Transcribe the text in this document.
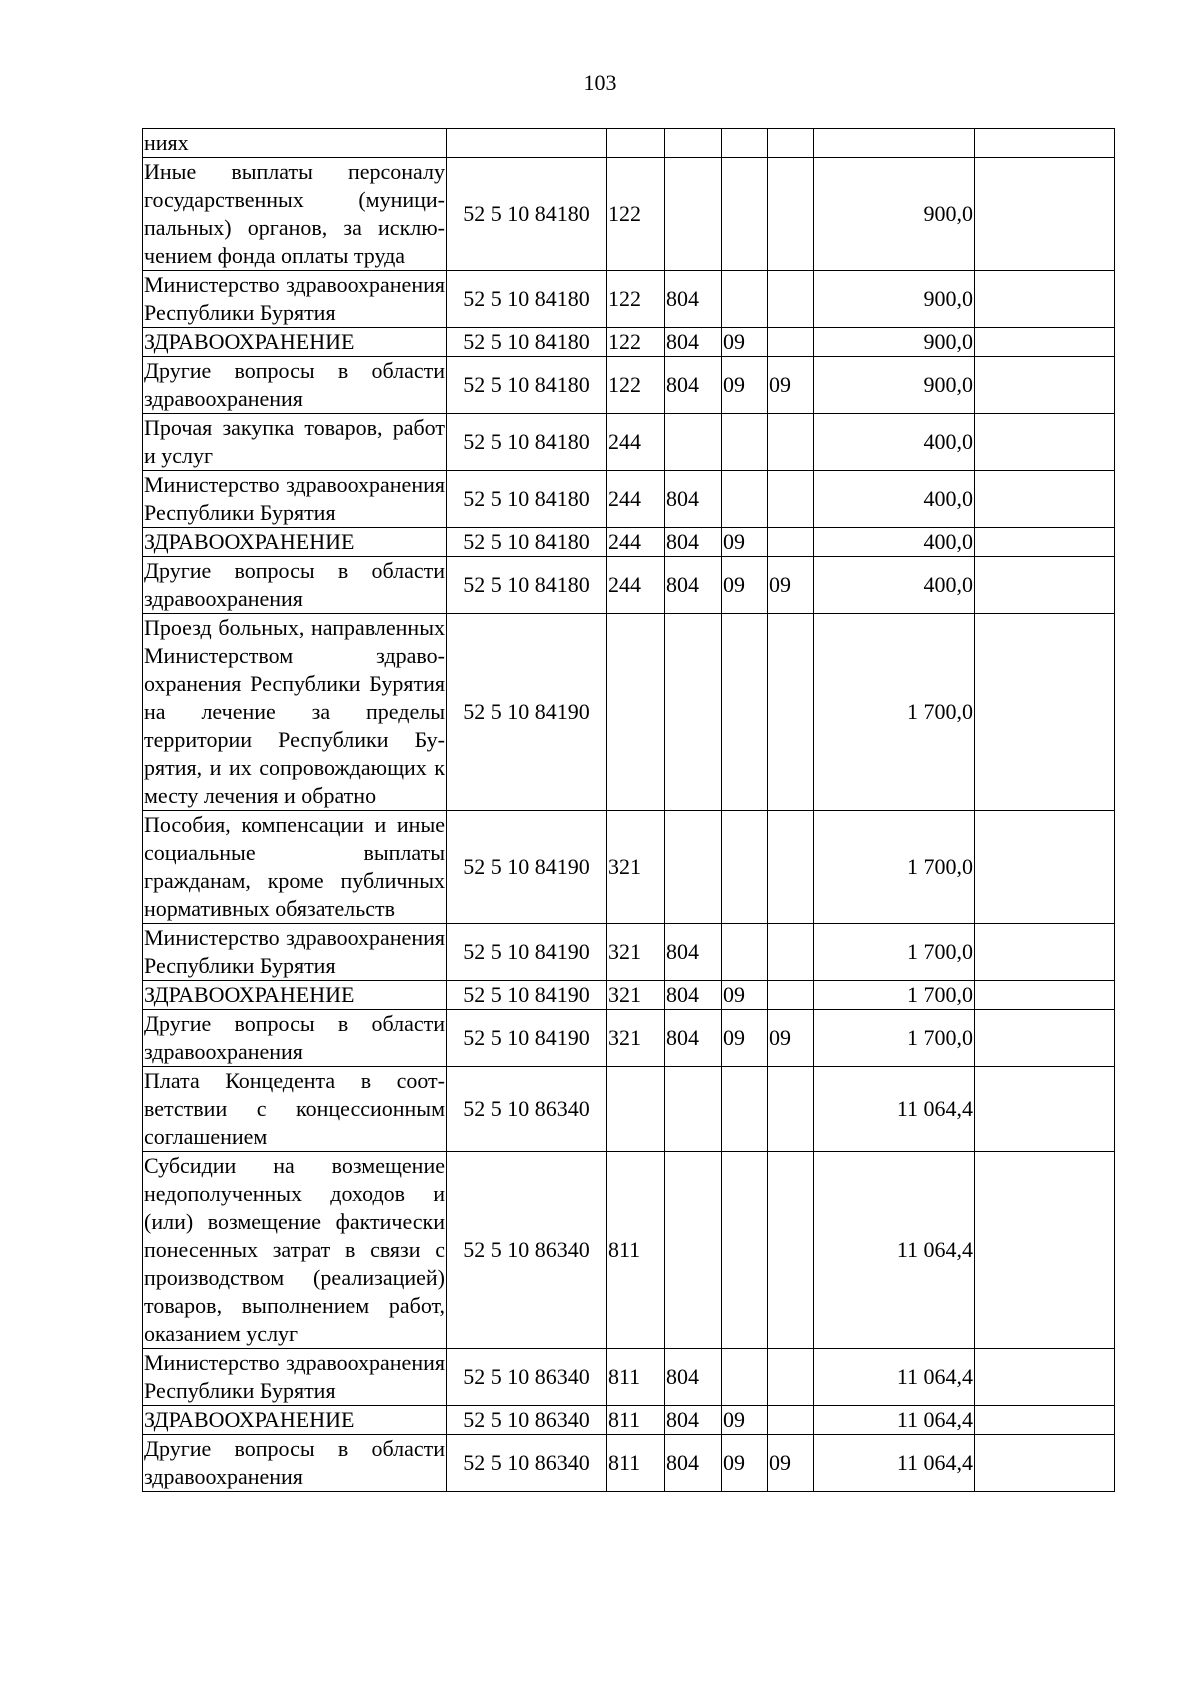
103
ниях							
Иные выплаты персоналу государственных (муниципальных) органов, за исключением фонда оплаты труда	52 5 10 84180	122				900,0	
Министерство здравоохранения Республики Бурятия	52 5 10 84180	122	804			900,0	
ЗДРАВООХРАНЕНИЕ	52 5 10 84180	122	804	09		900,0	
Другие вопросы в области здравоохранения	52 5 10 84180	122	804	09	09	900,0	
Прочая закупка товаров, работ и услуг	52 5 10 84180	244				400,0	
Министерство здравоохранения Республики Бурятия	52 5 10 84180	244	804			400,0	
ЗДРАВООХРАНЕНИЕ	52 5 10 84180	244	804	09		400,0	
Другие вопросы в области здравоохранения	52 5 10 84180	244	804	09	09	400,0	
Проезд больных, направленных Министерством здравоохранения Республики Бурятия на лечение за пределы территории Республики Бурятия, и их сопровождающих к месту лечения и обратно	52 5 10 84190					1 700,0	
Пособия, компенсации и иные социальные выплаты гражданам, кроме публичных нормативных обязательств	52 5 10 84190	321				1 700,0	
Министерство здравоохранения Республики Бурятия	52 5 10 84190	321	804			1 700,0	
ЗДРАВООХРАНЕНИЕ	52 5 10 84190	321	804	09		1 700,0	
Другие вопросы в области здравоохранения	52 5 10 84190	321	804	09	09	1 700,0	
Плата Концедента в соответствии с концессионным соглашением	52 5 10 86340					11 064,4	
Субсидии на возмещение недополученных доходов и (или) возмещение фактически понесенных затрат в связи с производством (реализацией) товаров, выполнением работ, оказанием услуг	52 5 10 86340	811				11 064,4	
Министерство здравоохранения Республики Бурятия	52 5 10 86340	811	804			11 064,4	
ЗДРАВООХРАНЕНИЕ	52 5 10 86340	811	804	09		11 064,4	
Другие вопросы в области здравоохранения	52 5 10 86340	811	804	09	09	11 064,4	
